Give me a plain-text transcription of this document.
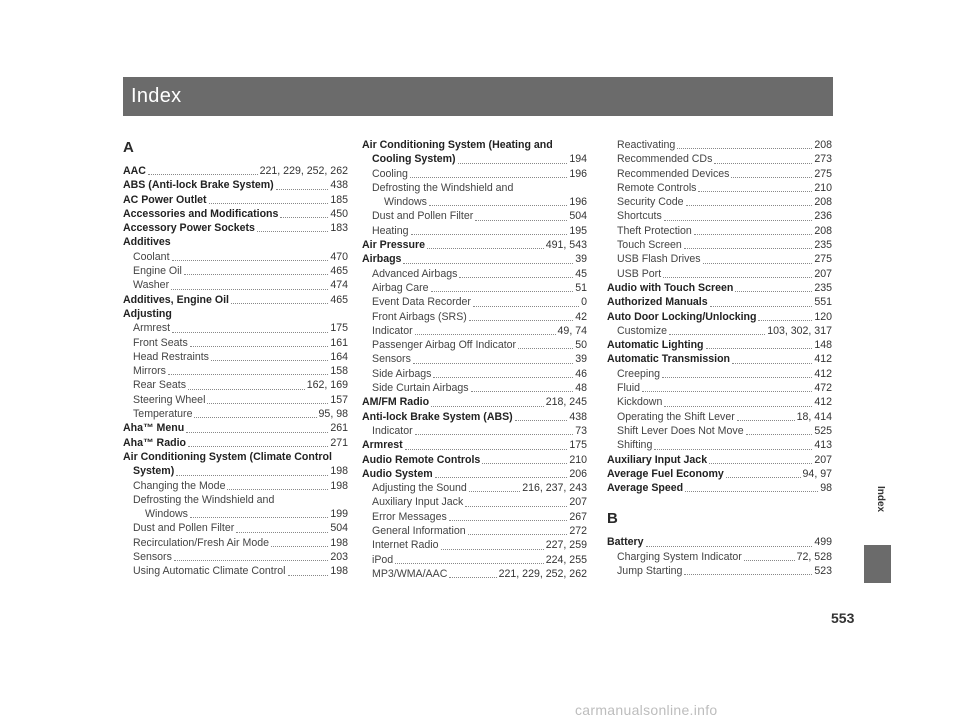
Index
A
AAC	221, 229, 252, 262
ABS (Anti-lock Brake System)	438
AC Power Outlet	185
Accessories and Modifications	450
Accessory Power Sockets	183
Additives
Coolant	470
Engine Oil	465
Washer	474
Additives, Engine Oil	465
Adjusting
Armrest	175
Front Seats	161
Head Restraints	164
Mirrors	158
Rear Seats	162, 169
Steering Wheel	157
Temperature	95, 98
Aha™ Menu	261
Aha™ Radio	271
Air Conditioning System (Climate Control
System)	198
Changing the Mode	198
Defrosting the Windshield and
Windows	199
Dust and Pollen Filter	504
Recirculation/Fresh Air Mode	198
Sensors	203
Using Automatic Climate Control	198
Air Conditioning System (Heating and
Cooling System)	194
Cooling	196
Defrosting the Windshield and
Windows	196
Dust and Pollen Filter	504
Heating	195
Air Pressure	491, 543
Airbags	39
Advanced Airbags	45
Airbag Care	51
Event Data Recorder	0
Front Airbags (SRS)	42
Indicator	49, 74
Passenger Airbag Off Indicator	50
Sensors	39
Side Airbags	46
Side Curtain Airbags	48
AM/FM Radio	218, 245
Anti-lock Brake System (ABS)	438
Indicator	73
Armrest	175
Audio Remote Controls	210
Audio System	206
Adjusting the Sound	216, 237, 243
Auxiliary Input Jack	207
Error Messages	267
General Information	272
Internet Radio	227, 259
iPod	224, 255
MP3/WMA/AAC	221, 229, 252, 262
Reactivating	208
Recommended CDs	273
Recommended Devices	275
Remote Controls	210
Security Code	208
Shortcuts	236
Theft Protection	208
Touch Screen	235
USB Flash Drives	275
USB Port	207
Audio with Touch Screen	235
Authorized Manuals	551
Auto Door Locking/Unlocking	120
Customize	103, 302, 317
Automatic Lighting	148
Automatic Transmission	412
Creeping	412
Fluid	472
Kickdown	412
Operating the Shift Lever	18, 414
Shift Lever Does Not Move	525
Shifting	413
Auxiliary Input Jack	207
Average Fuel Economy	94, 97
Average Speed	98
B
Battery	499
Charging System Indicator	72, 528
Jump Starting	523
Index
553
carmanualsonline.info
